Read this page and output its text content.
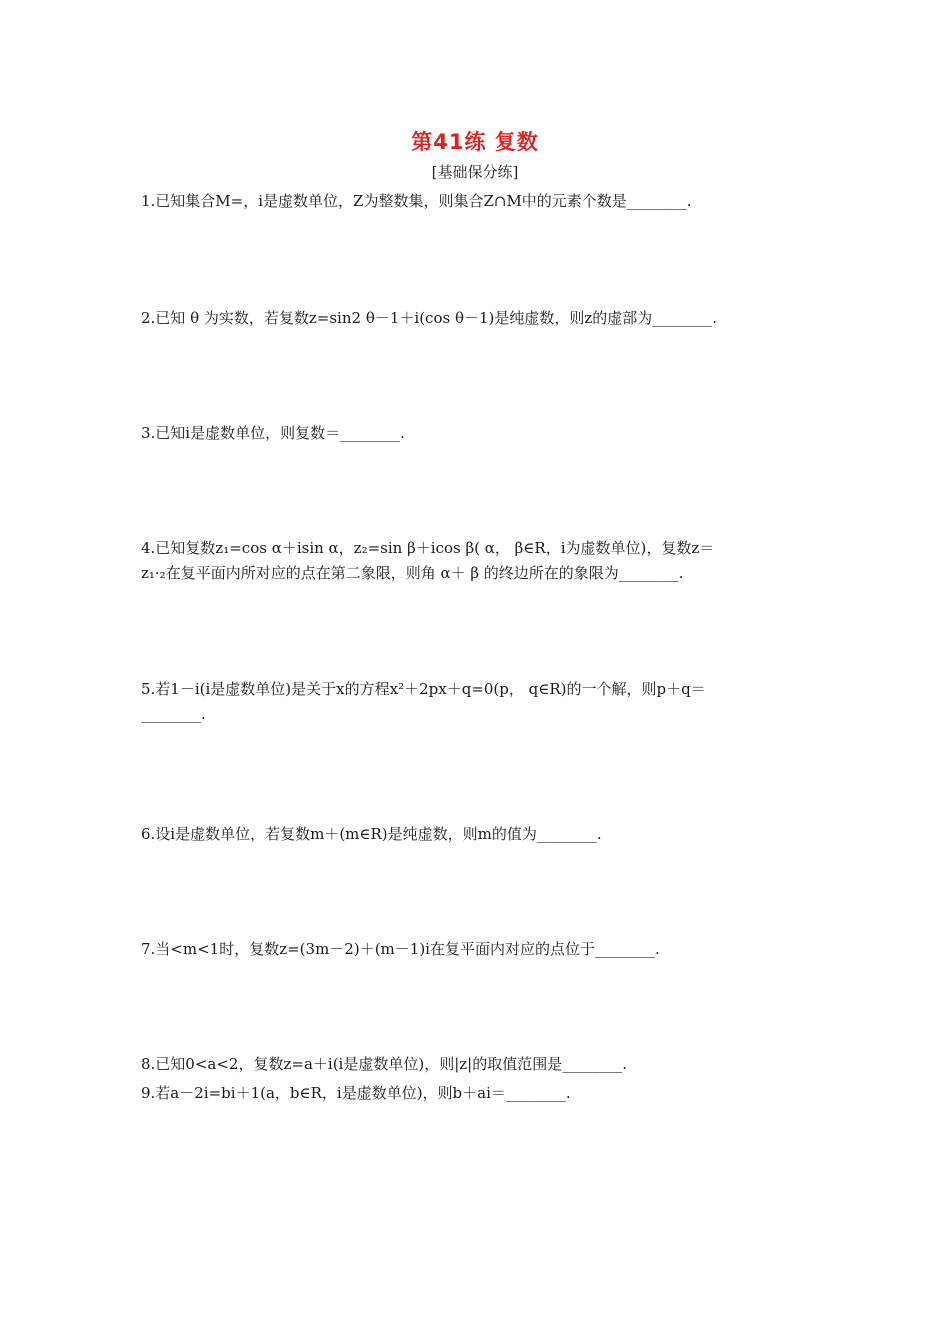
第41练 复数
[基础保分练]
1.已知集合M=，i是虚数单位，Z为整数集，则集合Z∩M中的元素个数是________.
2.已知 θ 为实数，若复数z=sin2 θ－1＋i(cos θ－1)是纯虚数，则z的虚部为________.
3.已知i是虚数单位，则复数＝________.
4.已知复数z₁=cos α＋isin α，z₂=sin β＋icos β( α， β∈R，i为虚数单位)，复数z＝
z₁·₂在复平面内所对应的点在第二象限，则角 α＋ β 的终边所在的象限为________.
5.若1－i(i是虚数单位)是关于x的方程x²＋2px＋q=0(p， q∈R)的一个解，则p＋q＝
________.
6.设i是虚数单位，若复数m＋(m∈R)是纯虚数，则m的值为________.
7.当<m<1时，复数z=(3m－2)＋(m－1)i在复平面内对应的点位于________.
8.已知0<a<2，复数z=a＋i(i是虚数单位)，则|z|的取值范围是________.
9.若a－2i=bi＋1(a，b∈R，i是虚数单位)，则b＋ai＝________.
